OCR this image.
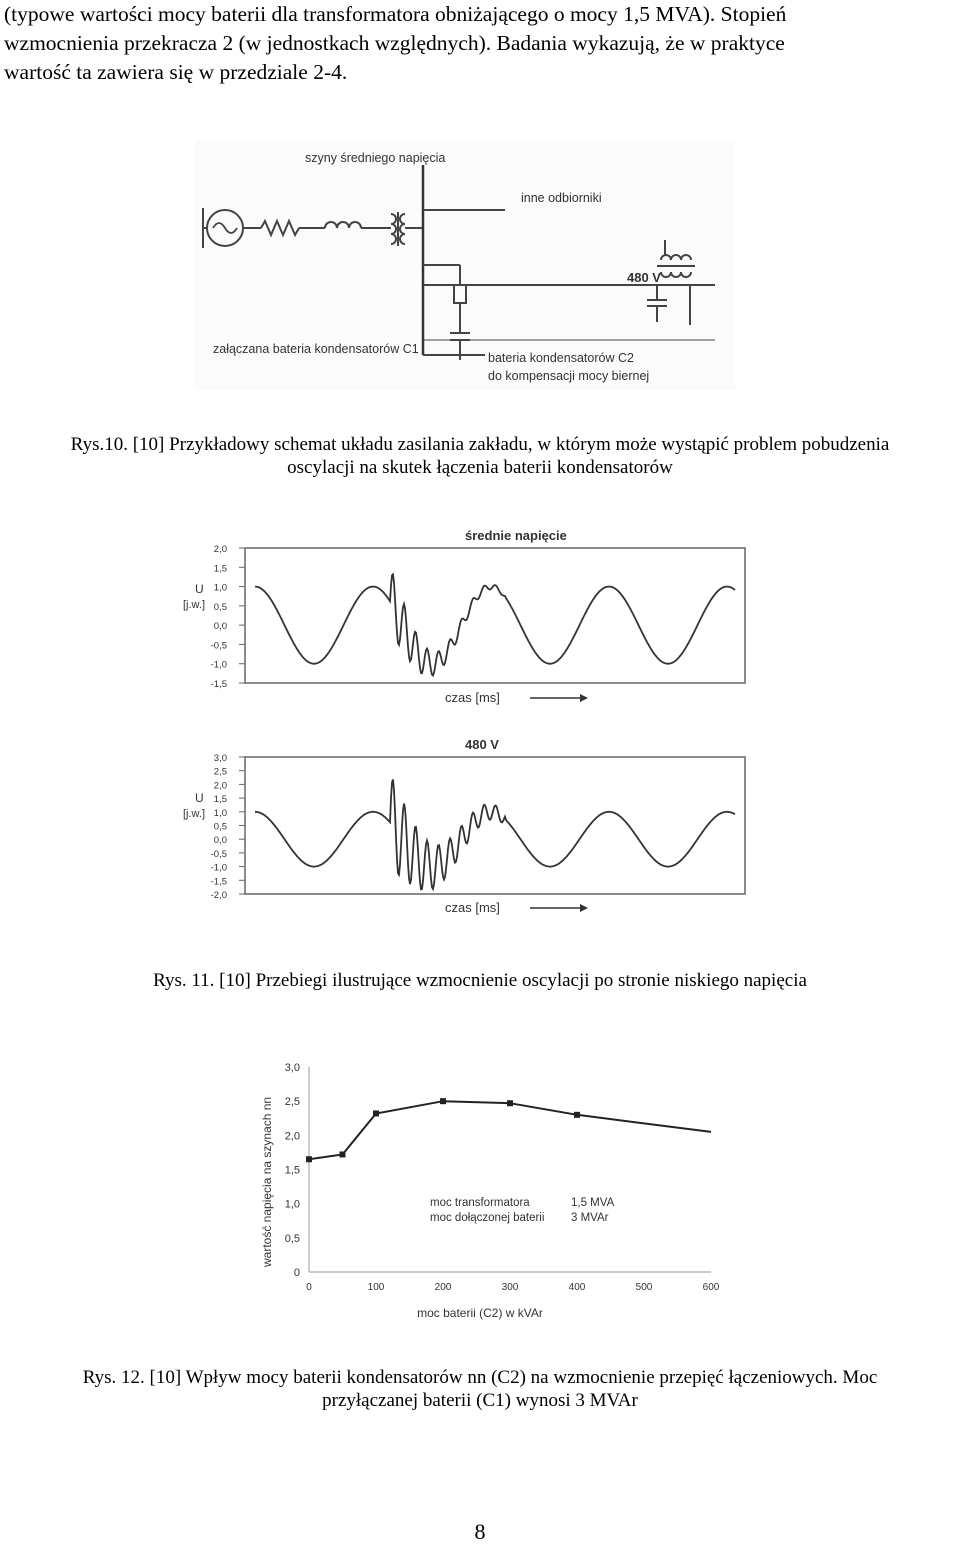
(typowe wartości mocy baterii dla transformatora obniżającego o mocy 1,5 MVA). Stopień
wzmocnienia przekracza 2 (w jednostkach względnych). Badania wykazują, że w praktyce
wartość ta zawiera się w przedziale 2-4.
szyny średniego napięcia
inne odbiorniki
480 V
załączana bateria kondensatorów C1
bateria kondensatorów C2
do kompensacji mocy biernej
Rys.10. [10] Przykładowy schemat układu zasilania zakładu, w którym może wystąpić problem pobudzenia
oscylacji na skutek łączenia baterii kondensatorów
średnie napięcie
U
[j.w.]
2,0
1,5
1,0
0,5
0,0
-0,5
-1,0
-1,5
czas [ms]
480 V
U
[j.w.]
3,0
2,5
2,0
1,5
1,0
0,5
0,0
-0,5
-1,0
-1,5
-2,0
czas [ms]
Rys. 11. [10] Przebiegi ilustrujące wzmocnienie oscylacji po stronie niskiego napięcia
3,0
2,5
2,0
1,5
1,0
0,5
0
0	100	200	300	400	500	600
moc baterii (C2) w kVAr
wartość napięcia na szynach nn	moc transformatora	1,5 MVA
moc dołączonej baterii 3 MVAr
Rys. 12. [10] Wpływ mocy baterii kondensatorów nn (C2) na wzmocnienie przepięć łączeniowych. Moc
przyłączanej baterii (C1) wynosi 3 MVAr
8
